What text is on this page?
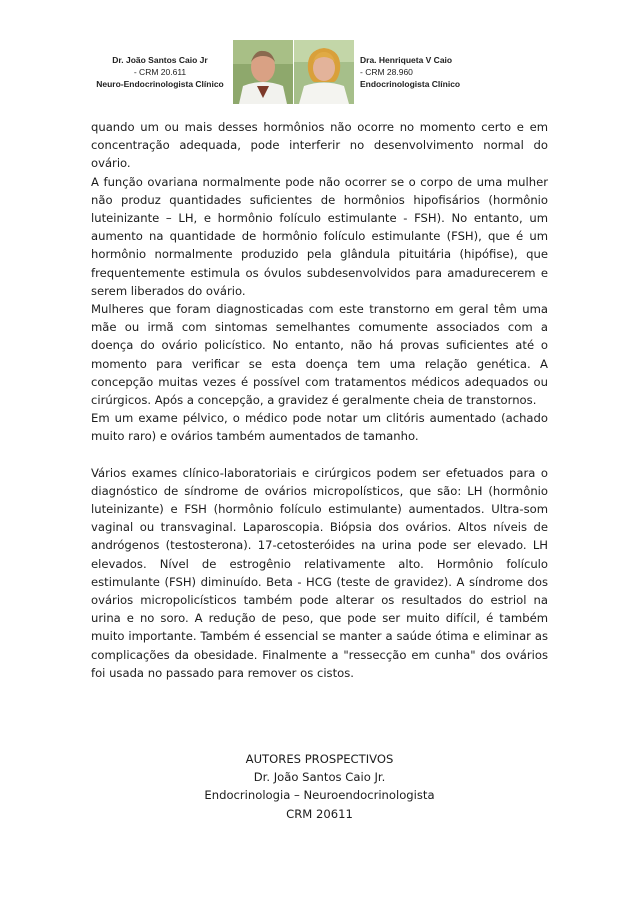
Dr. João Santos Caio Jr
- CRM 20.611
Neuro-Endocrinologista Clínico
Dra. Henriqueta V Caio
- CRM 28.960
Endocrinologista Clínico

quando um ou mais desses hormônios não ocorre no momento certo e em concentração adequada, pode interferir no desenvolvimento normal do ovário.

A função ovariana normalmente pode não ocorrer se o corpo de uma mulher não produz quantidades suficientes de hormônios hipofisários (hormônio luteinizante – LH, e hormônio folículo estimulante - FSH). No entanto, um aumento na quantidade de hormônio folículo estimulante (FSH), que é um hormônio normalmente produzido pela glândula pituitária (hipófise), que frequentemente estimula os óvulos subdesenvolvidos para amadurecerem e serem liberados do ovário.

Mulheres que foram diagnosticadas com este transtorno em geral têm uma mãe ou irmã com sintomas semelhantes comumente associados com a doença do ovário policístico. No entanto, não há provas suficientes até o momento para verificar se esta doença tem uma relação genética. A concepção muitas vezes é possível com tratamentos médicos adequados ou cirúrgicos. Após a concepção, a gravidez é geralmente cheia de transtornos.

Em um exame pélvico, o médico pode notar um clitóris aumentado (achado muito raro) e ovários também aumentados de tamanho.

Vários exames clínico-laboratoriais e cirúrgicos podem ser efetuados para o diagnóstico de síndrome de ovários micropolísticos, que são: LH (hormônio luteinizante) e FSH (hormônio folículo estimulante) aumentados. Ultra-som vaginal ou transvaginal. Laparoscopia. Biópsia dos ovários. Altos níveis de andrógenos (testosterona). 17-cetosteróides na urina pode ser elevado. LH elevados. Nível de estrogênio relativamente alto. Hormônio folículo estimulante (FSH) diminuído. Beta - HCG (teste de gravidez). A síndrome dos ovários micropolicísticos também pode alterar os resultados do estriol na urina e no soro. A redução de peso, que pode ser muito difícil, é também muito importante. Também é essencial se manter a saúde ótima e eliminar as complicações da obesidade. Finalmente a "ressecção em cunha" dos ovários foi usada no passado para remover os cistos.

AUTORES PROSPECTIVOS
Dr. João Santos Caio Jr.
Endocrinologia – Neuroendocrinologista
CRM 20611
